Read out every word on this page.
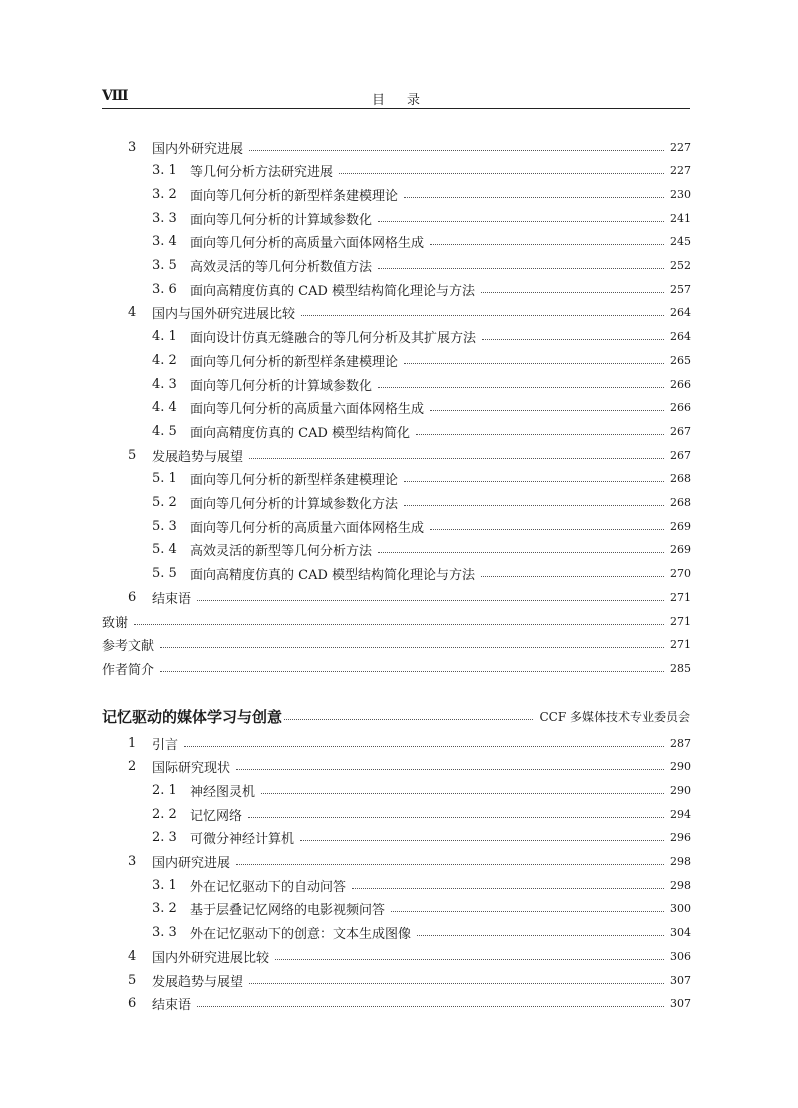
Ⅷ	目录
3	国内外研究进展	227
3. 1	等几何分析方法研究进展	227
3. 2	面向等几何分析的新型样条建模理论	230
3. 3	面向等几何分析的计算域参数化	241
3. 4	面向等几何分析的高质量六面体网格生成	245
3. 5	高效灵活的等几何分析数值方法	252
3. 6	面向高精度仿真的 CAD 模型结构简化理论与方法	257
4	国内与国外研究进展比较	264
4. 1	面向设计仿真无缝融合的等几何分析及其扩展方法	264
4. 2	面向等几何分析的新型样条建模理论	265
4. 3	面向等几何分析的计算域参数化	266
4. 4	面向等几何分析的高质量六面体网格生成	266
4. 5	面向高精度仿真的 CAD 模型结构简化	267
5	发展趋势与展望	267
5. 1	面向等几何分析的新型样条建模理论	268
5. 2	面向等几何分析的计算域参数化方法	268
5. 3	面向等几何分析的高质量六面体网格生成	269
5. 4	高效灵活的新型等几何分析方法	269
5. 5	面向高精度仿真的 CAD 模型结构简化理论与方法	270
6	结束语	271
致谢	271
参考文献	271
作者简介	285
1	引言	287
2	国际研究现状	290
2. 1	神经图灵机	290
2. 2	记忆网络	294
2. 3	可微分神经计算机	296
3	国内研究进展	298
3. 1	外在记忆驱动下的自动问答	298
3. 2	基于层叠记忆网络的电影视频问答	300
3. 3	外在记忆驱动下的创意：文本生成图像	304
4	国内外研究进展比较	306
5	发展趋势与展望	307
6	结束语	307
记忆驱动的媒体学习与创意	CCF 多媒体技术专业委员会
